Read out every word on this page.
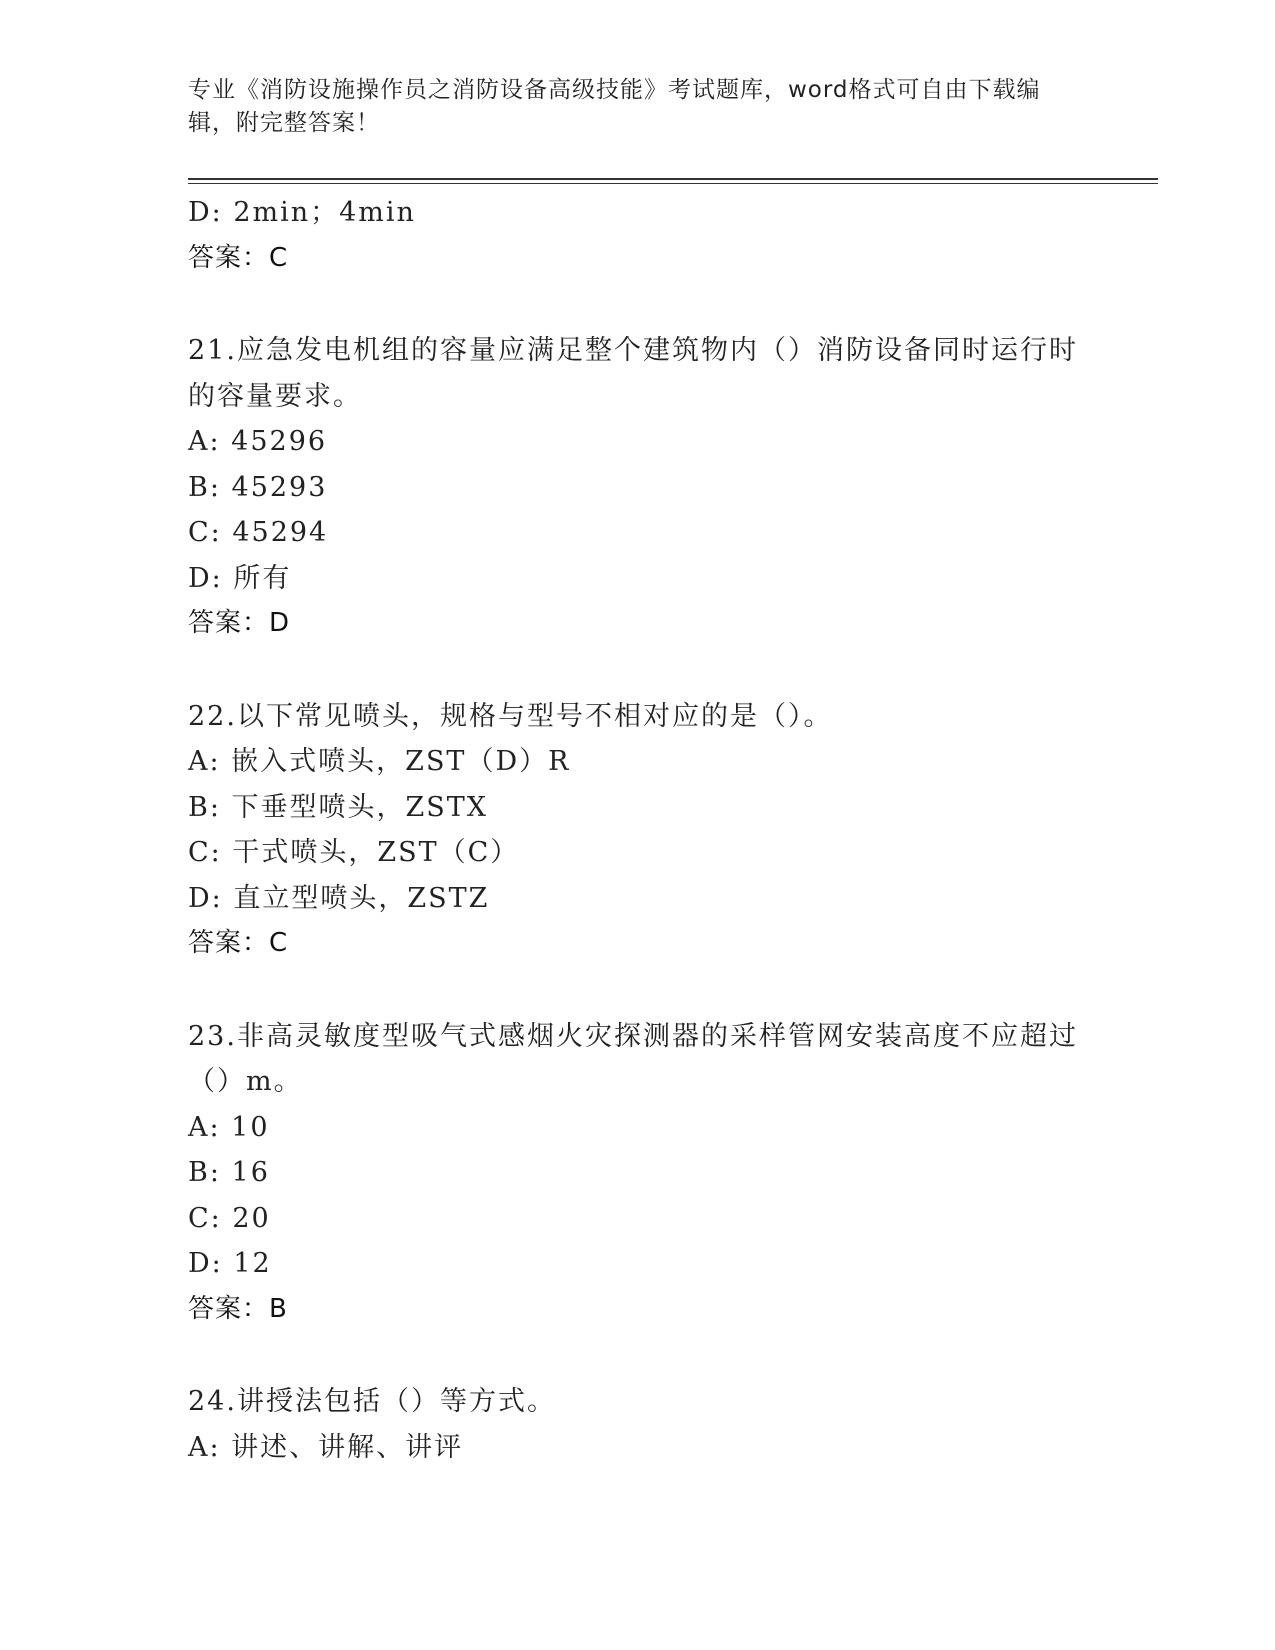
专业《消防设施操作员之消防设备高级技能》考试题库，word格式可自由下载编辑，附完整答案！
D: 2min；4min
答案：C
21.应急发电机组的容量应满足整个建筑物内（）消防设备同时运行时的容量要求。
A: 45296
B: 45293
C: 45294
D: 所有
答案：D
22.以下常见喷头，规格与型号不相对应的是（）。
A: 嵌入式喷头，ZST（D）R
B: 下垂型喷头，ZSTX
C: 干式喷头，ZST（C）
D: 直立型喷头，ZSTZ
答案：C
23.非高灵敏度型吸气式感烟火灾探测器的采样管网安装高度不应超过（）m。
A: 10
B: 16
C: 20
D: 12
答案：B
24.讲授法包括（）等方式。
A: 讲述、讲解、讲评
